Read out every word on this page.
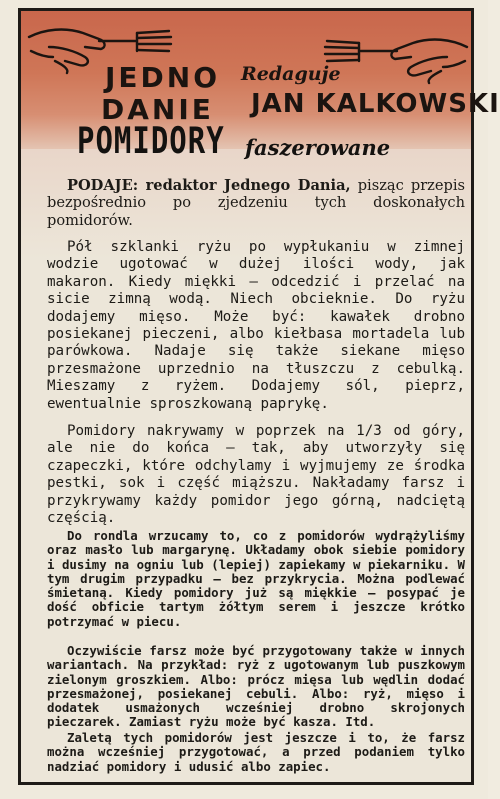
JEDNO Redaguje
DANIE JAN KALKOWSKI
POMIDORY faszerowane
PODAJE: redaktor Jednego Dania, pisząc przepis bezpośrednio po zjedzeniu tych doskonałych pomidorów.
Pół szklanki ryżu po wypłukaniu w zimnej wodzie ugotować w dużej ilości wody, jak makaron. Kiedy miękki — odcedzić i przelać na sicie zimną wodą. Niech obcieknie. Do ryżu dodajemy mięso. Może być: kawałek drobno posiekanej pieczeni, albo kiełbasa mortadela lub parówkowa. Nadaje się także siekane mięso przesmażone uprzednio na tłuszczu z cebulką. Mieszamy z ryżem. Dodajemy sól, pieprz, ewentualnie sproszkowaną paprykę.
Pomidory nakrywamy w poprzek na 1/3 od góry, ale nie do końca — tak, aby utworzyły się czapeczki, które odchylamy i wyjmujemy ze środka pestki, sok i część miąższu. Nakładamy farsz i przykrywamy każdy pomidor jego górną, nadciętą częścią.
Do rondla wrzucamy to, co z pomidorów wydrążyliśmy oraz masło lub margarynę. Układamy obok siebie pomidory i dusimy na ogniu lub (lepiej) zapiekamy w piekarniku. W tym drugim przypadku — bez przykrycia. Można podlewać śmietaną. Kiedy pomidory już są miękkie — posypać je dość obficie tartym żółtym serem i jeszcze krótko potrzymać w piecu.
Oczywiście farsz może być przygotowany także w innych wariantach. Na przykład: ryż z ugotowanym lub puszkowym zielonym groszkiem. Albo: prócz mięsa lub wędlin dodać przesmażonej, posiekanej cebuli. Albo: ryż, mięso i dodatek usmażonych wcześniej drobno skrojonych pieczarek. Zamiast ryżu może być kasza. Itd.
Zaletą tych pomidorów jest jeszcze i to, że farsz można wcześniej przygotować, a przed podaniem tylko nadziać pomidory i udusić albo zapiec.
